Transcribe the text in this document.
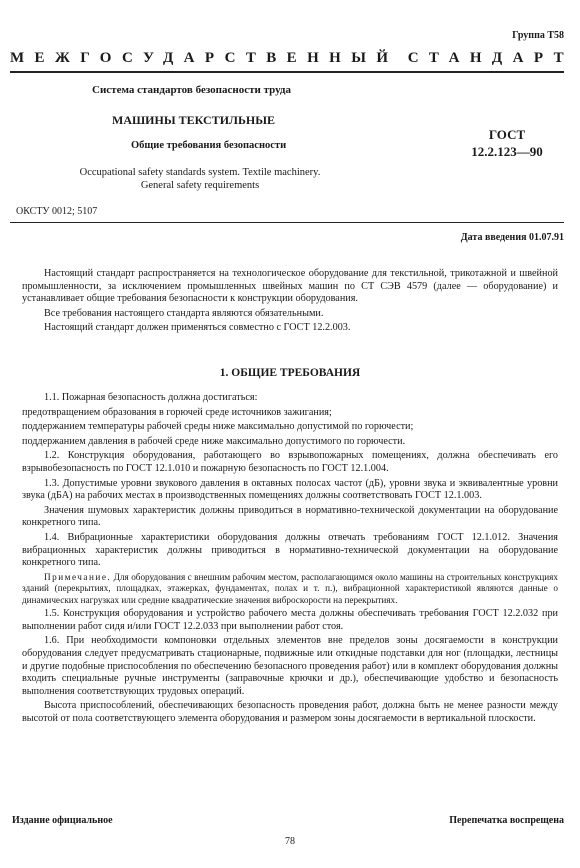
Группа Т58
МЕЖГОСУДАРСТВЕННЫЙ СТАНДАРТ
Система стандартов безопасности труда
МАШИНЫ ТЕКСТИЛЬНЫЕ
Общие требования безопасности
ГОСТ
12.2.123—90
Occupational safety standards system. Textile machinery.
General safety requirements
ОКСТУ 0012; 5107
Дата введения 01.07.91

Настоящий стандарт распространяется на технологическое оборудование для текстильной, трикотажной и швейной промышленности, за исключением промышленных швейных машин по СТ СЭВ 4579 (далее — оборудование) и устанавливает общие требования безопасности к конструкции оборудования.

Все требования настоящего стандарта являются обязательными.

Настоящий стандарт должен применяться совместно с ГОСТ 12.2.003.

1. ОБЩИЕ ТРЕБОВАНИЯ

1.1. Пожарная безопасность должна достигаться:

предотвращением образования в горючей среде источников зажигания;

поддержанием температуры рабочей среды ниже максимально допустимой по горючести;

поддержанием давления в рабочей среде ниже максимально допустимого по горючести.

1.2. Конструкция оборудования, работающего во взрывопожарных помещениях, должна обеспечивать его взрывобезопасность по ГОСТ 12.1.010 и пожарную безопасность по ГОСТ 12.1.004.

1.3. Допустимые уровни звукового давления в октавных полосах частот (дБ), уровни звука и эквивалентные уровни звука (дБА) на рабочих местах в производственных помещениях должны соответствовать ГОСТ 12.1.003.

Значения шумовых характеристик должны приводиться в нормативно-технической документации на оборудование конкретного типа.

1.4. Вибрационные характеристики оборудования должны отвечать требованиям ГОСТ 12.1.012. Значения вибрационных характеристик должны приводиться в нормативно-технической документации на оборудование конкретного типа.

Примечание. Для оборудования с внешним рабочим местом, располагающимся около машины на строительных конструкциях зданий (перекрытиях, площадках, этажерках, фундаментах, полах и т. п.), вибрационной характеристикой являются данные о динамических нагрузках или средние квадратические значения виброскорости на перекрытиях.

1.5. Конструкция оборудования и устройство рабочего места должны обеспечивать требования ГОСТ 12.2.032 при выполнении работ сидя и/или ГОСТ 12.2.033 при выполнении работ стоя.

1.6. При необходимости компоновки отдельных элементов вне пределов зоны досягаемости в конструкции оборудования следует предусматривать стационарные, подвижные или откидные подставки для ног (площадки, лестницы и другие подобные приспособления по обеспечению безопасного проведения работ) или в комплект оборудования должны входить специальные ручные инструменты (заправочные крючки и др.), обеспечивающие удобство и безопасность выполнения соответствующих трудовых операций.

Высота приспособлений, обеспечивающих безопасность проведения работ, должна быть не менее разности между высотой от пола соответствующего элемента оборудования и размером зоны досягаемости в вертикальной плоскости.

Издание официальное	Перепечатка воспрещена
78
